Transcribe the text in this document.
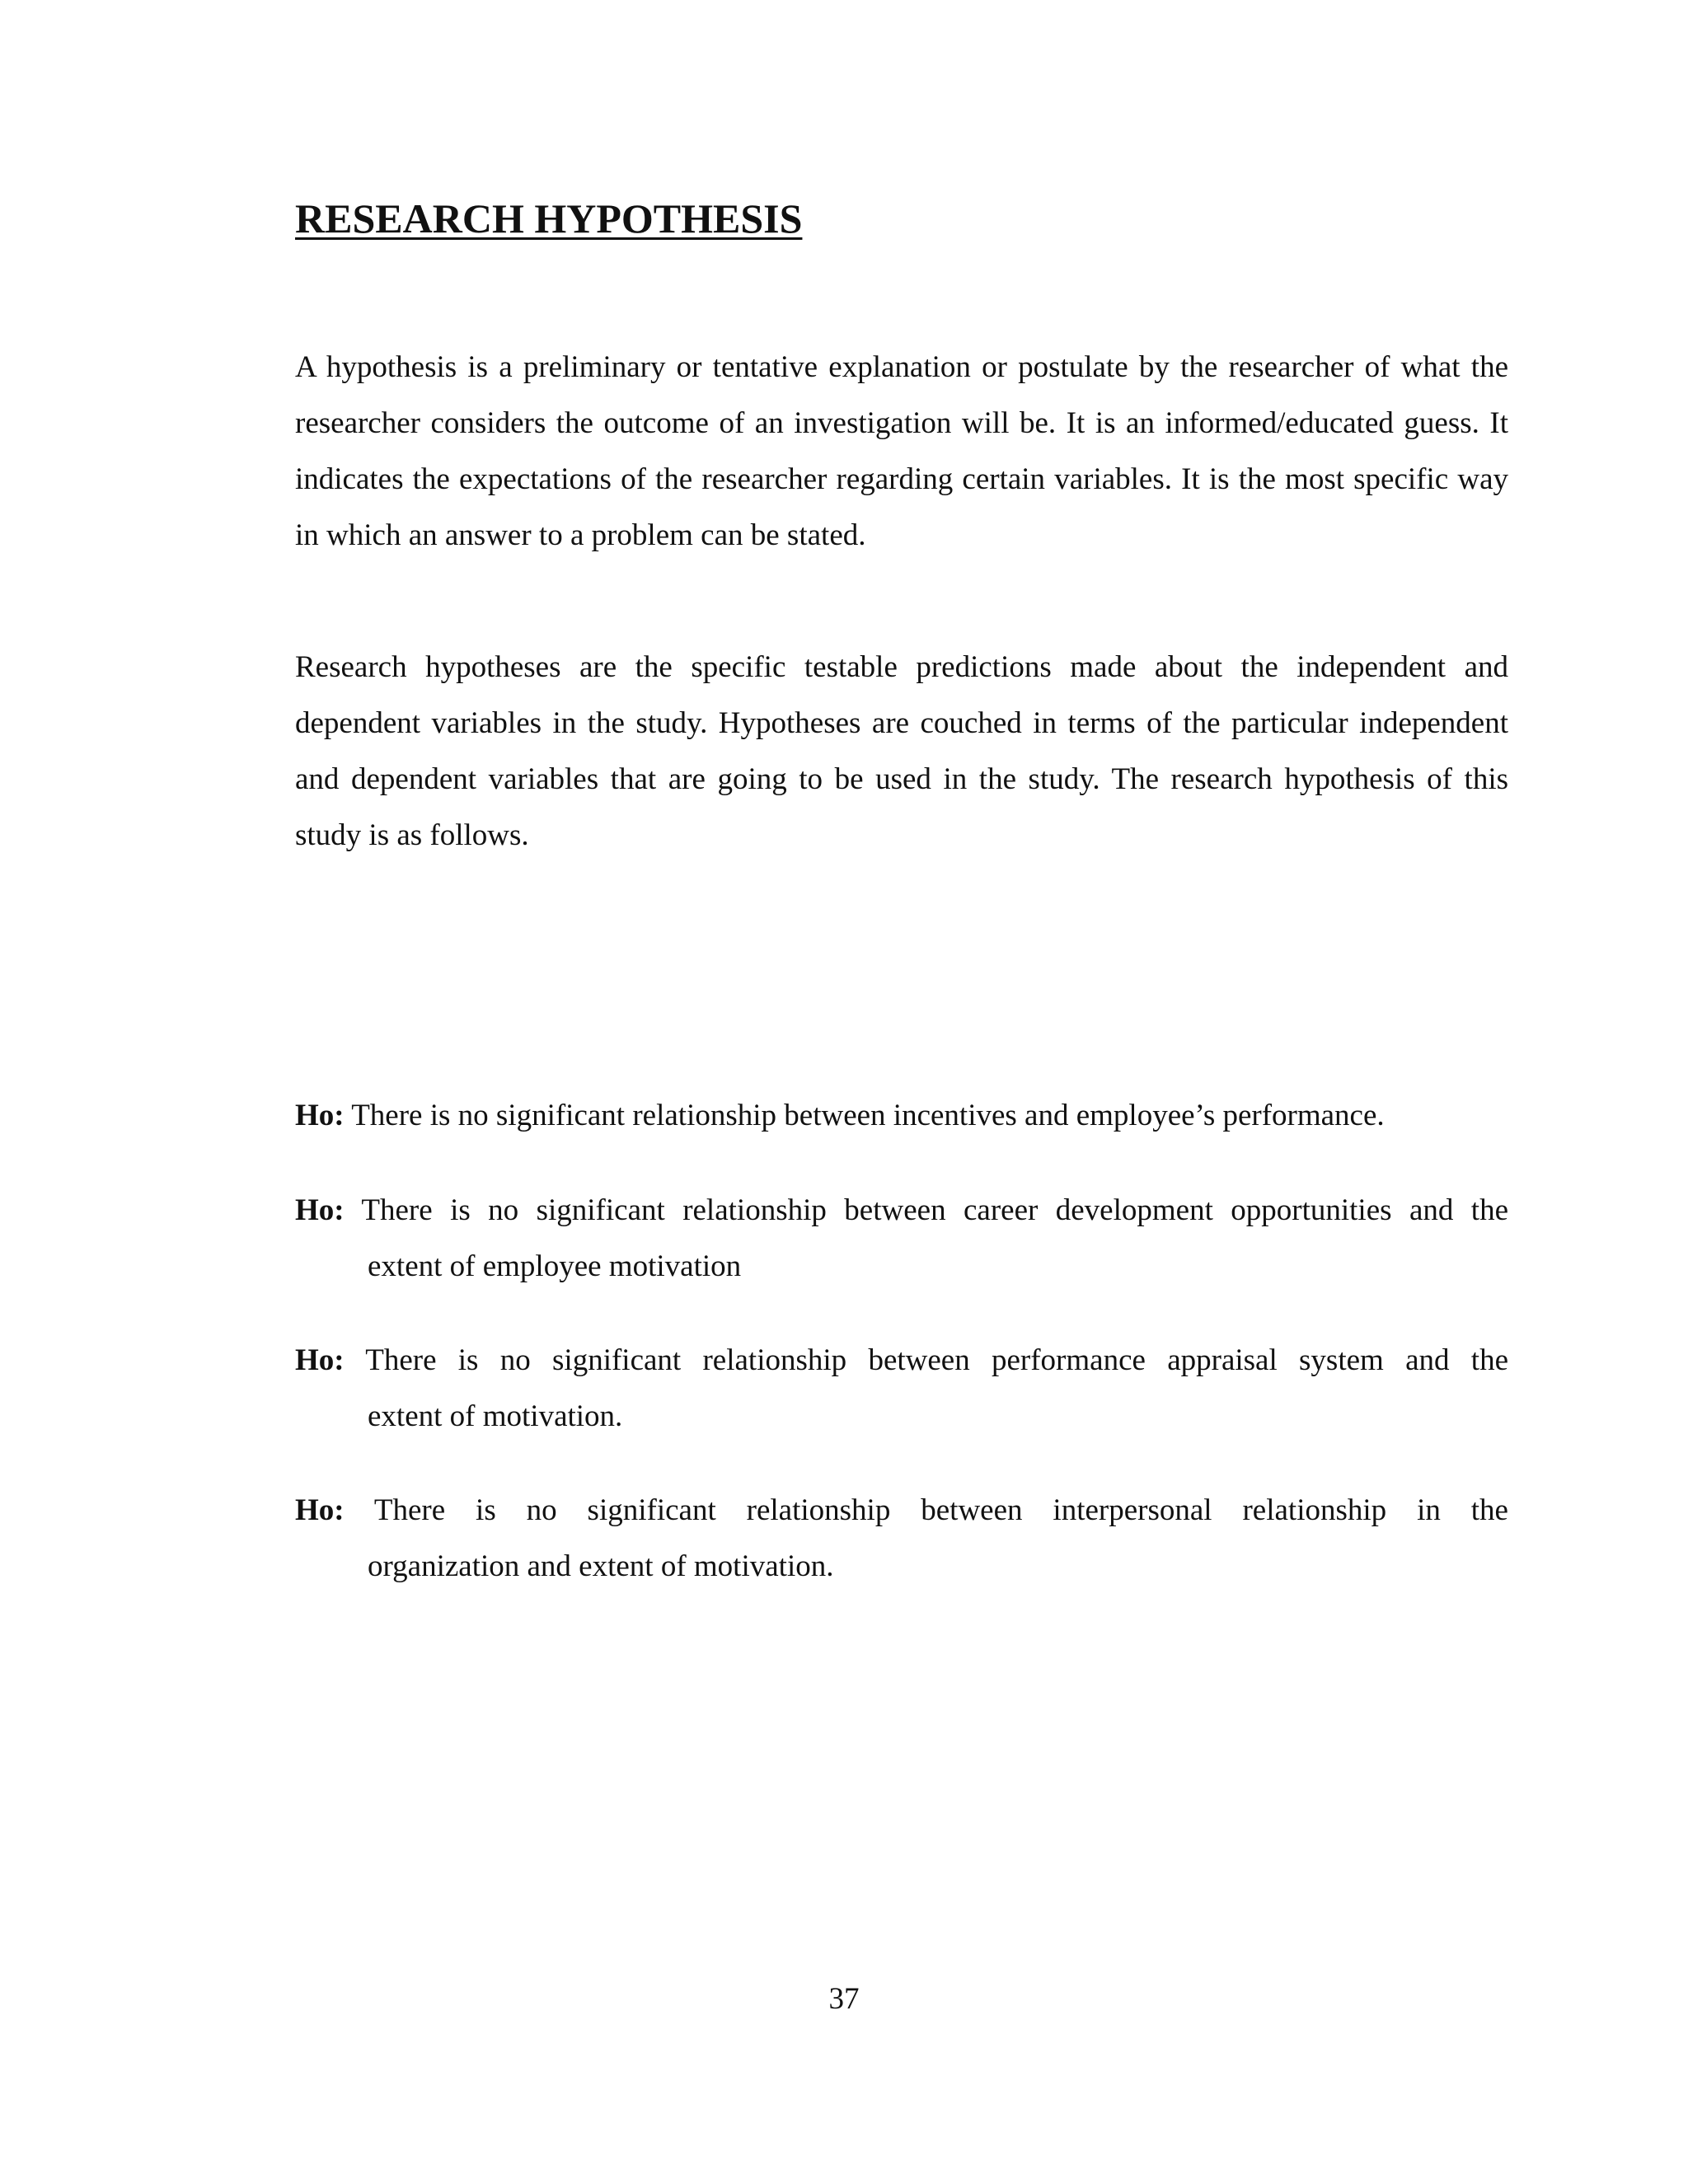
RESEARCH HYPOTHESIS

A hypothesis is a preliminary or tentative explanation or postulate by the researcher of what the researcher considers the outcome of an investigation will be. It is an informed/educated guess. It indicates the expectations of the researcher regarding certain variables. It is the most specific way in which an answer to a problem can be stated.

Research hypotheses are the specific testable predictions made about the independent and dependent variables in the study. Hypotheses are couched in terms of the particular independent and dependent variables that are going to be used in the study. The research hypothesis of this study is as follows.

Ho: There is no significant relationship between incentives and employee’s performance.
Ho: There is no significant relationship between career development opportunities and the
extent of employee motivation
Ho: There is no significant relationship between performance appraisal system and the
extent of motivation.
Ho: There is no significant relationship between interpersonal relationship in the
organization and extent of motivation.
37
